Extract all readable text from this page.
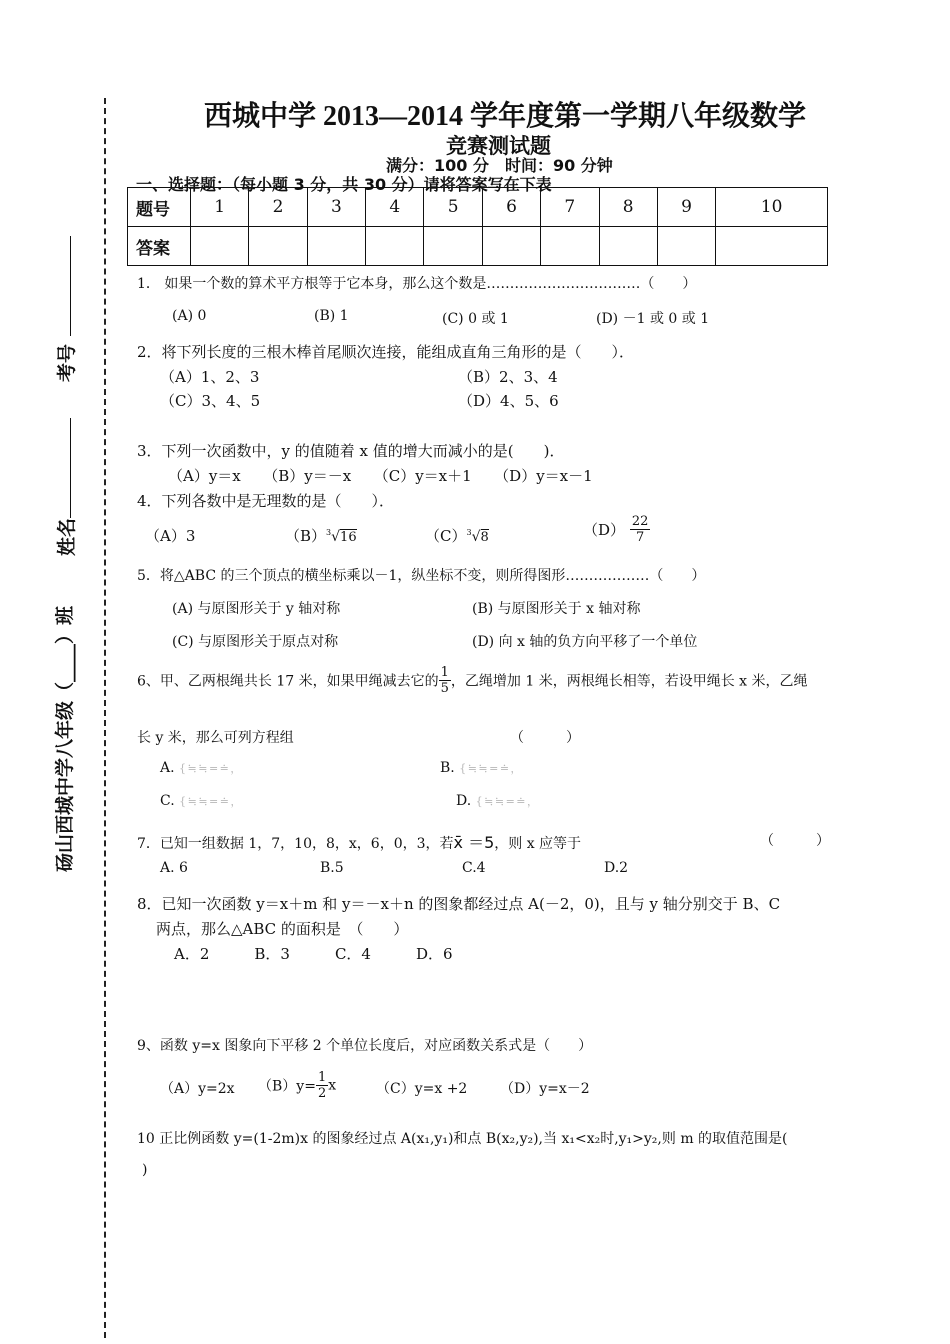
考号
姓名
砀山西城中学八年级（____）班
西城中学 2013—2014 学年度第一学期八年级数学
竞赛测试题
满分：100 分　时间：90 分钟
一、选择题：（每小题 3 分，共 30 分）请将答案写在下表
题号	1	2	3	4	5	6	7	8	9	10
答案										
1． 如果一个数的算术平方根等于它本身，那么这个数是……………………………（　　）
(A) 0	(B) 1	(C) 0 或 1	(D) －1 或 0 或 1
2．将下列长度的三根木棒首尾顺次连接，能组成直角三角形的是（　　）．
（A）1、2、3	（B）2、3、4
（C）3、4、5	（D）4、5、6
3．下列一次函数中，y 的值随着 x 值的增大而减小的是(　　)．
（A）y＝x　　（B）y＝－x　　（C）y＝x＋1　　（D）y＝x－1
4．下列各数中是无理数的是（　　）．
（A）3	$(B)^3√16$	$(C)^3√8$	$(D) \frac{22}{7}$
5．将△ABC 的三个顶点的横坐标乘以－1，纵坐标不变，则所得图形………………（　　）
(A) 与原图形关于 y 轴对称	(B) 与原图形关于 x 轴对称
(C) 与原图形关于原点对称	(D) 向 x 轴的负方向平移了一个单位
6、甲、乙两根绳共长 17 米，如果甲绳减去它的 $\frac{1}{5}$ ，乙绳增加 1 米，两根绳长相等，若设甲绳长 x 米，乙绳
长 y 米，那么可列方程组	（　　　）
A. { ≒ ≒ = ≐ ，	B. { ≒ ≒ = ≐ ，
C. { ≒ ≒ = ≐ ，	D. { ≒ ≒ = ≐ ，
7．已知一组数据 1，7，10，8，x，6，0，3，若x̄ ＝5，则 x 应等于	（　　　）
A. 6	B.5	C.4	D.2
8．已知一次函数 y＝x＋m 和 y＝－x＋n 的图象都经过点 A(－2，0)，且与 y 轴分别交于 B、C
两点，那么△ABC 的面积是　（　　）
A．2　　　B．3　　　C．4　　　D．6
9、函数 y=x 图象向下平移 2 个单位长度后，对应函数关系式是（　　）
（A）y=2x $(B)y= \frac{1}{2}$ x	（C）y=x +2 （D）y=x－2
10 正比例函数 y=(1-2m)x 的图象经过点 A(x₁,y₁)和点 B(x₂,y₂),当 x₁<x₂时,y₁>y₂,则 m 的取值范围是(
)
